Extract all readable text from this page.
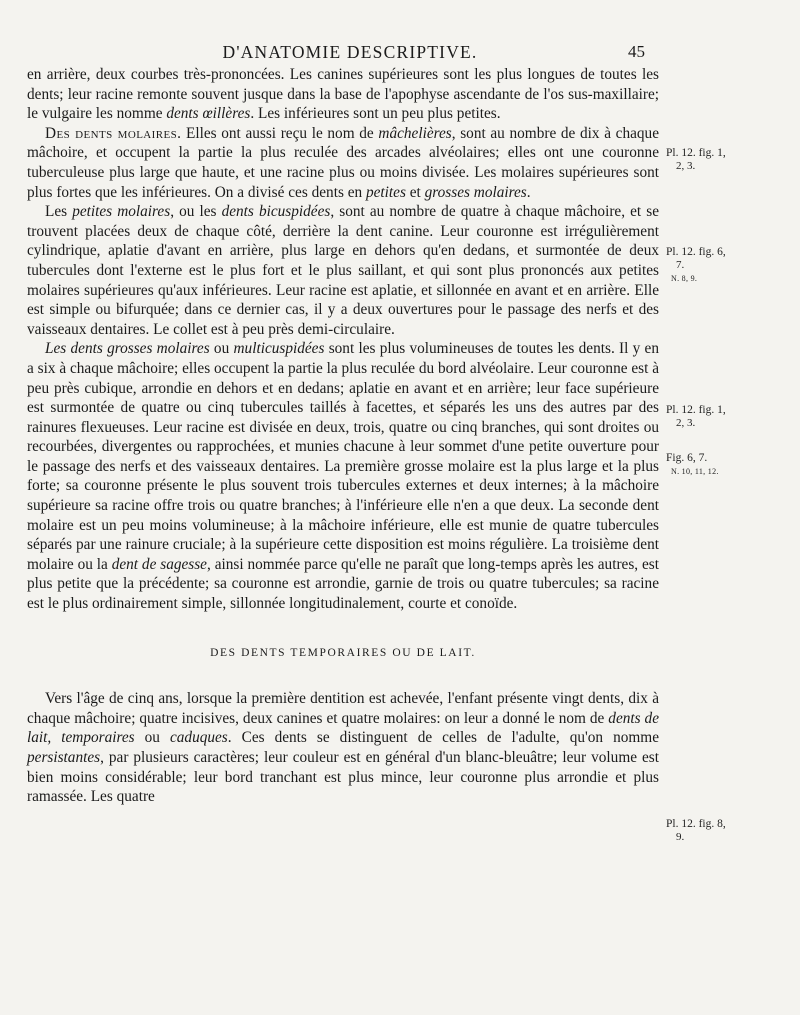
D'ANATOMIE DESCRIPTIVE.	45

en arrière, deux courbes très-prononcées. Les canines supérieures sont les plus longues de toutes les dents; leur racine remonte souvent jusque dans la base de l'apophyse ascendante de l'os sus-maxillaire; le vulgaire les nomme dents œillères. Les inférieures sont un peu plus petites.

Des dents molaires. Elles ont aussi reçu le nom de mâchelières, sont au nombre de dix à chaque mâchoire, et occupent la partie la plus reculée des arcades alvéolaires; elles ont une couronne tuberculeuse plus large que haute, et une racine plus ou moins divisée. Les molaires supérieures sont plus fortes que les inférieures. On a divisé ces dents en petites et grosses molaires.

Les petites molaires, ou les dents bicuspidées, sont au nombre de quatre à chaque mâchoire, et se trouvent placées deux de chaque côté, derrière la dent canine. Leur couronne est irrégulièrement cylindrique, aplatie d'avant en arrière, plus large en dehors qu'en dedans, et surmontée de deux tubercules dont l'externe est le plus fort et le plus saillant, et qui sont plus prononcés aux petites molaires supérieures qu'aux inférieures. Leur racine est aplatie, et sillonnée en avant et en arrière. Elle est simple ou bifurquée; dans ce dernier cas, il y a deux ouvertures pour le passage des nerfs et des vaisseaux dentaires. Le collet est à peu près demi-circulaire.

Les dents grosses molaires ou multicuspidées sont les plus volumineuses de toutes les dents. Il y en a six à chaque mâchoire; elles occupent la partie la plus reculée du bord alvéolaire. Leur couronne est à peu près cubique, arrondie en dehors et en dedans; aplatie en avant et en arrière; leur face supérieure est surmontée de quatre ou cinq tubercules taillés à facettes, et séparés les uns des autres par des rainures flexueuses. Leur racine est divisée en deux, trois, quatre ou cinq branches, qui sont droites ou recourbées, divergentes ou rapprochées, et munies chacune à leur sommet d'une petite ouverture pour le passage des nerfs et des vaisseaux dentaires. La première grosse molaire est la plus large et la plus forte; sa couronne présente le plus souvent trois tubercules externes et deux internes; à la mâchoire supérieure sa racine offre trois ou quatre branches; à l'inférieure elle n'en a que deux. La seconde dent molaire est un peu moins volumineuse; à la mâchoire inférieure, elle est munie de quatre tubercules séparés par une rainure cruciale; à la supérieure cette disposition est moins régulière. La troisième dent molaire ou la dent de sagesse, ainsi nommée parce qu'elle ne paraît que long-temps après les autres, est plus petite que la précédente; sa couronne est arrondie, garnie de trois ou quatre tubercules; sa racine est le plus ordinairement simple, sillonnée longitudinalement, courte et conoïde.

DES DENTS TEMPORAIRES OU DE LAIT.

Vers l'âge de cinq ans, lorsque la première dentition est achevée, l'enfant présente vingt dents, dix à chaque mâchoire; quatre incisives, deux canines et quatre molaires: on leur a donné le nom de dents de lait, temporaires ou caduques. Ces dents se distinguent de celles de l'adulte, qu'on nomme persistantes, par plusieurs caractères; leur couleur est en général d'un blanc-bleuâtre; leur volume est bien moins considérable; leur bord tranchant est plus mince, leur couronne plus arrondie et plus ramassée. Les quatre

Pl. 12. fig. 1,
2, 3.
Pl. 12. fig. 6,
7.
N. 8, 9.
Pl. 12. fig. 1,
2, 3.
Fig. 6, 7.
N. 10, 11, 12.
Pl. 12. fig. 8,
9.
